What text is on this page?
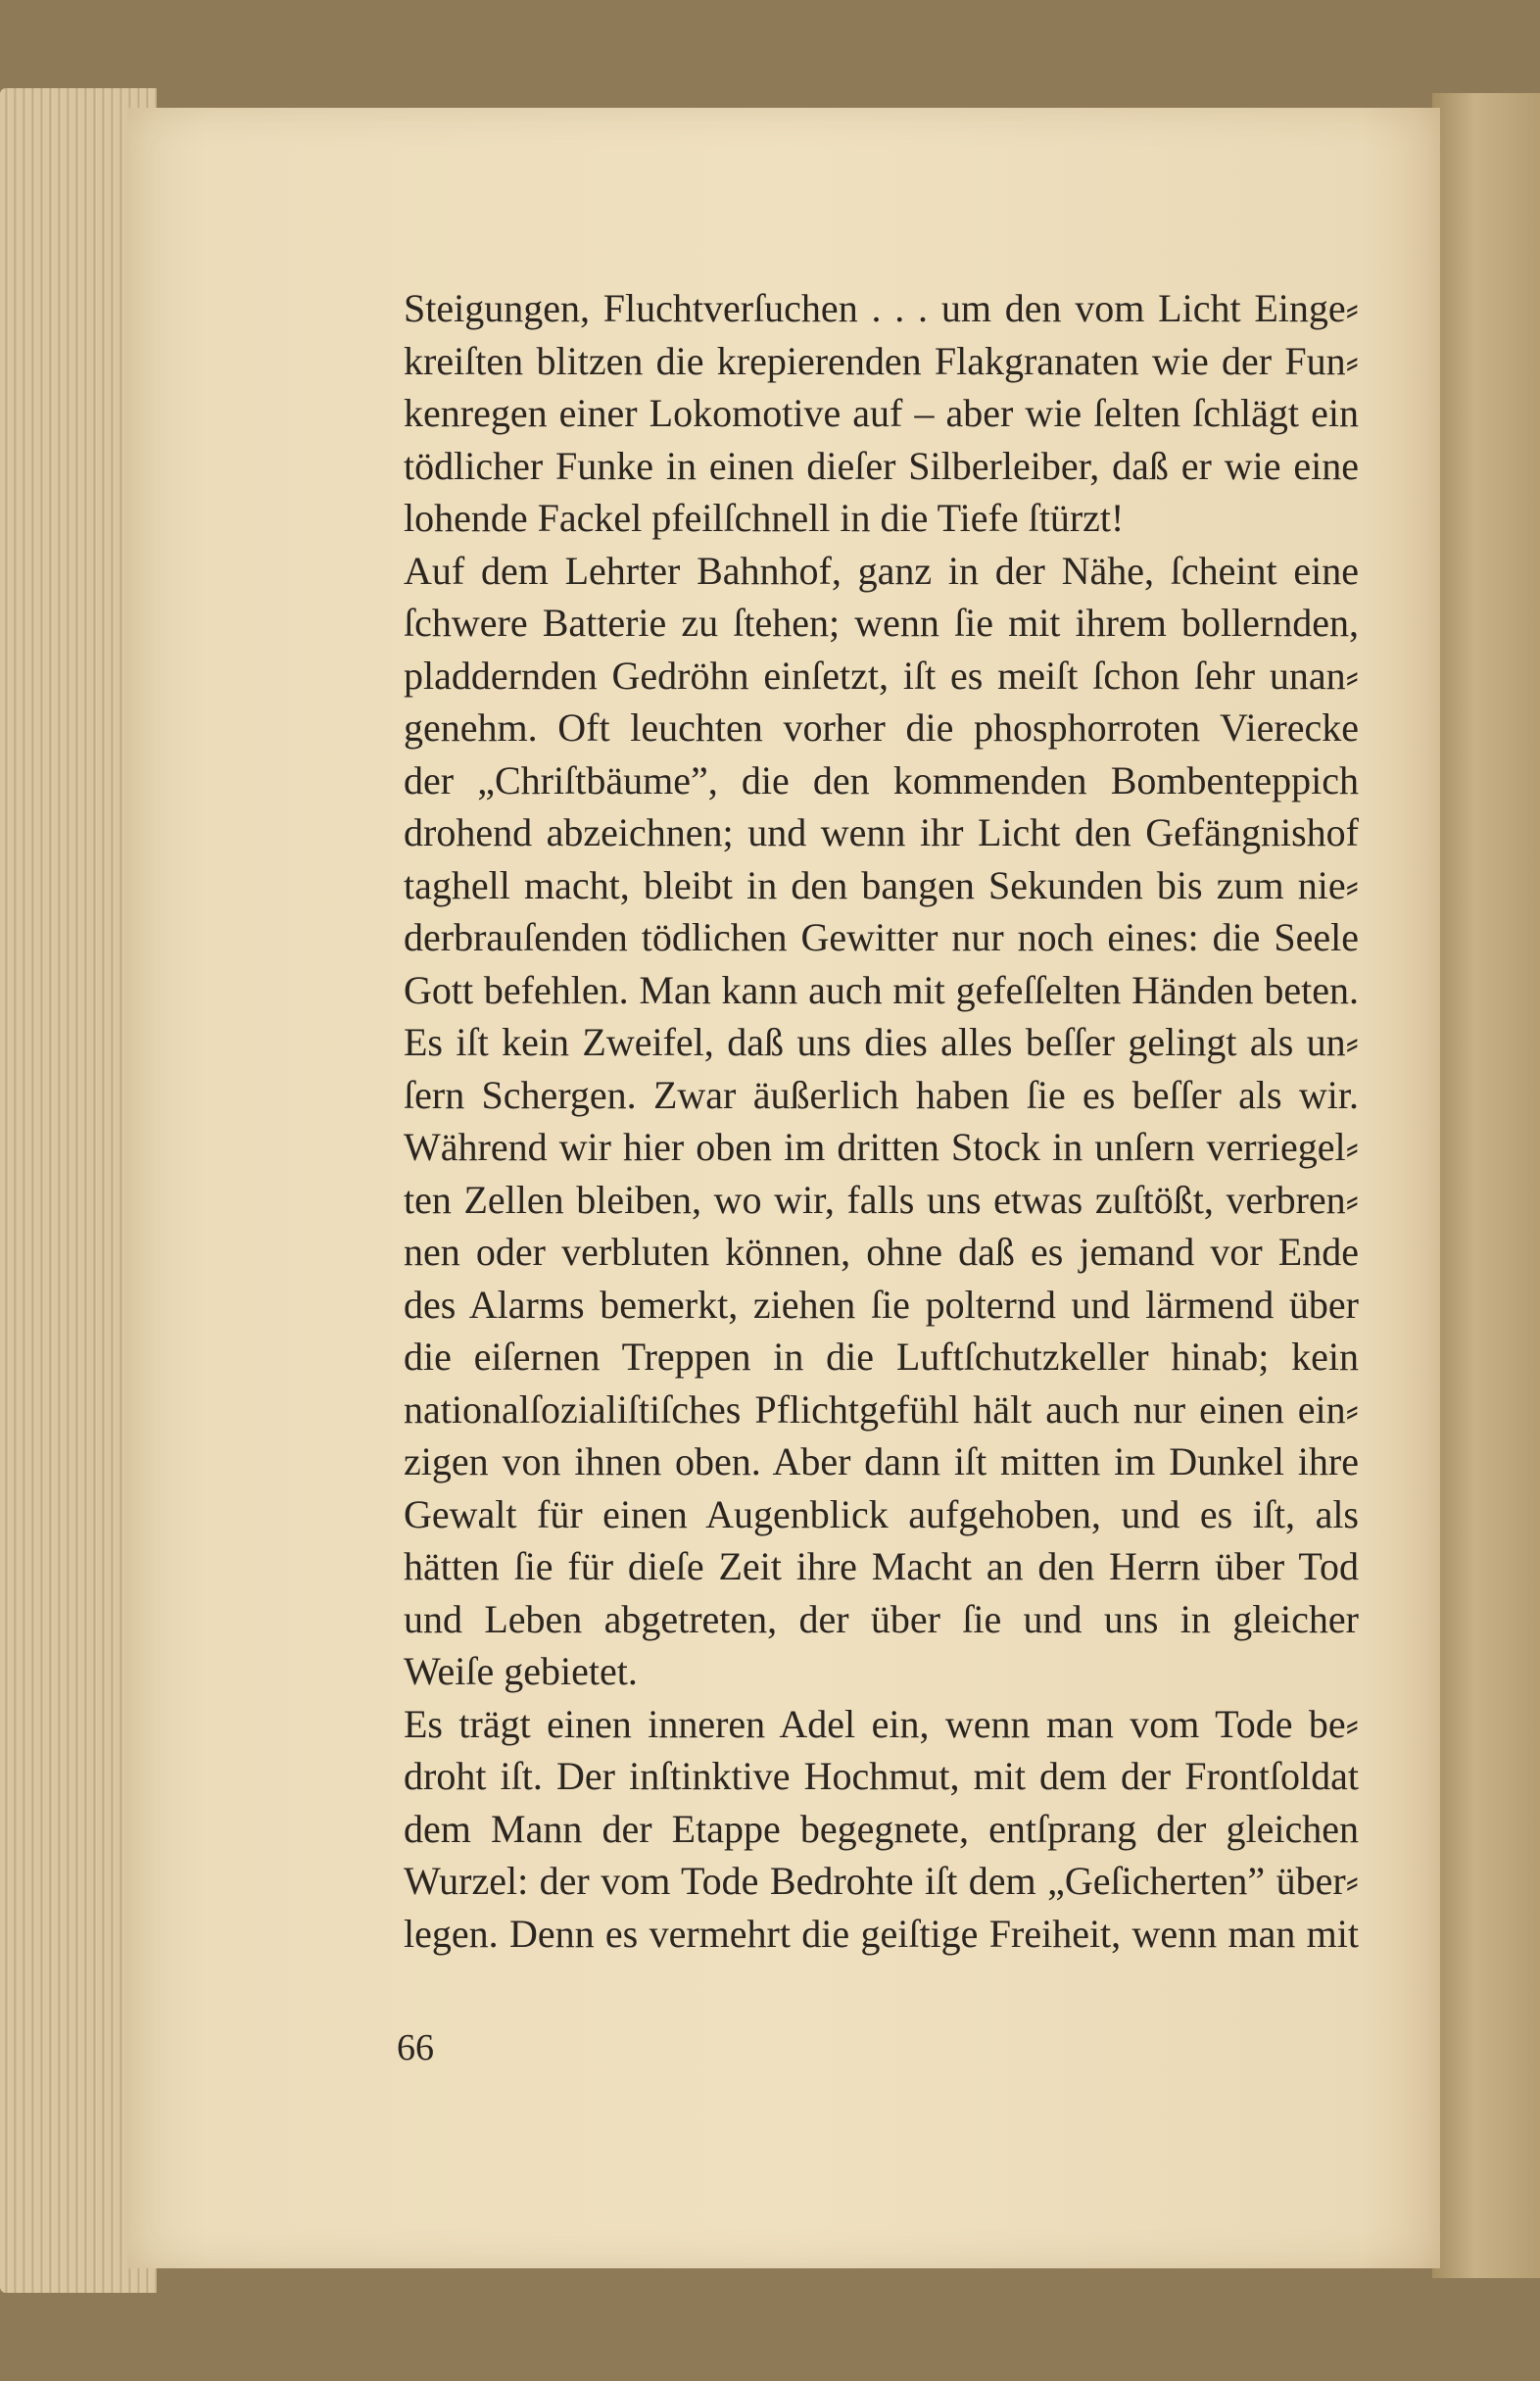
Steigungen, Fluchtverſuchen . . . um den vom Licht Einge⸗
kreiſten blitzen die krepierenden Flakgranaten wie der Fun⸗
kenregen einer Lokomotive auf – aber wie ſelten ſchlägt ein
tödlicher Funke in einen dieſer Silberleiber, daß er wie eine
lohende Fackel pfeilſchnell in die Tiefe ſtürzt!
Auf dem Lehrter Bahnhof, ganz in der Nähe, ſcheint eine
ſchwere Batterie zu ſtehen; wenn ſie mit ihrem bollernden,
pladdernden Gedröhn einſetzt, iſt es meiſt ſchon ſehr unan⸗
genehm. Oft leuchten vorher die phosphorroten Vierecke
der „Chriſtbäume”, die den kommenden Bombenteppich
drohend abzeichnen; und wenn ihr Licht den Gefängnishof
taghell macht, bleibt in den bangen Sekunden bis zum nie⸗
derbrauſenden tödlichen Gewitter nur noch eines: die Seele
Gott befehlen. Man kann auch mit gefeſſelten Händen beten.
Es iſt kein Zweifel, daß uns dies alles beſſer gelingt als un⸗
ſern Schergen. Zwar äußerlich haben ſie es beſſer als wir.
Während wir hier oben im dritten Stock in unſern verriegel⸗
ten Zellen bleiben, wo wir, falls uns etwas zuſtößt, verbren⸗
nen oder verbluten können, ohne daß es jemand vor Ende
des Alarms bemerkt, ziehen ſie polternd und lärmend über
die eiſernen Treppen in die Luftſchutzkeller hinab; kein
nationalſozialiſtiſches Pflichtgefühl hält auch nur einen ein⸗
zigen von ihnen oben. Aber dann iſt mitten im Dunkel ihre
Gewalt für einen Augenblick aufgehoben, und es iſt, als
hätten ſie für dieſe Zeit ihre Macht an den Herrn über Tod
und Leben abgetreten, der über ſie und uns in gleicher
Weiſe gebietet.
Es trägt einen inneren Adel ein, wenn man vom Tode be⸗
droht iſt. Der inſtinktive Hochmut, mit dem der Frontſoldat
dem Mann der Etappe begegnete, entſprang der gleichen
Wurzel: der vom Tode Bedrohte iſt dem „Geſicherten” über⸗
legen. Denn es vermehrt die geiſtige Freiheit, wenn man mit
66
